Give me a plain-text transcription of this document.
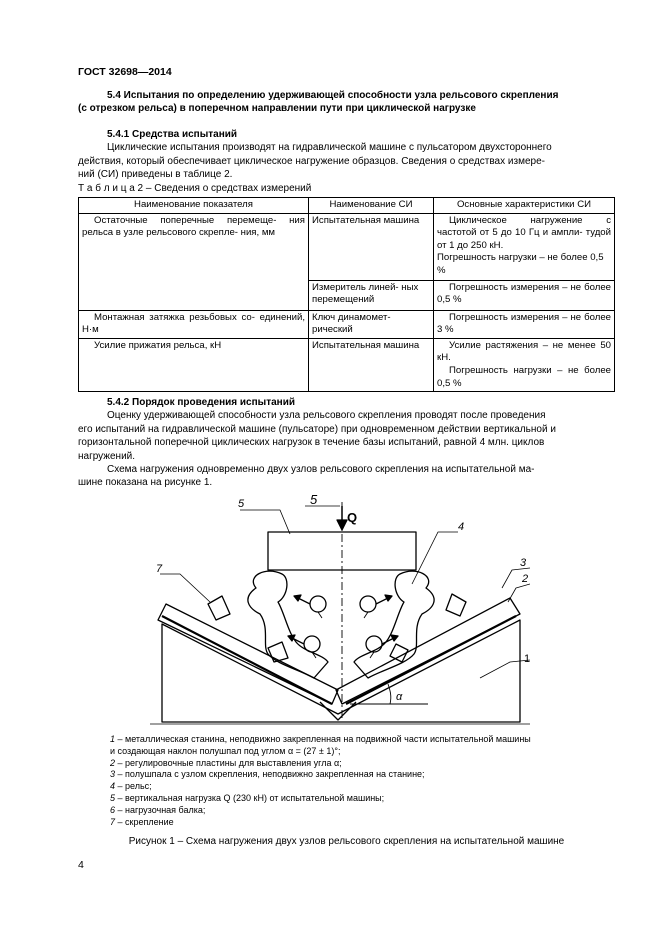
ГОСТ 32698—2014
5.4 Испытания по определению удерживающей способности узла рельсового скрепления
(с отрезком рельса) в поперечном направлении пути при циклической нагрузке
5.4.1 Средства испытаний
Циклические испытания производят на гидравлической машине с пульсатором двухстороннего
действия, который обеспечивает циклическое нагружение образцов. Сведения о средствах измере-
ний (СИ) приведены в таблице 2.
Т а б л и ц а 2 – Сведения о средствах измерений
Наименование показателя	Наименование СИ	Основные характеристики СИ
Остаточные поперечные перемеще- ния рельса в узле рельсового скрепле- ния, мм	Испытательная машина	Циклическое нагружение с частотой от 5 до 10 Гц и ампли- тудой от 1 до 250 кН.
Погрешность нагрузки – не более 0,5 %

	Измеритель линей- ных перемещений	Погрешность измерения – не более 0,5 %
Монтажная затяжка резьбовых со- единений, Н·м	Ключ динамомет- рический	Погрешность измерения – не более 3 %
Усилие прижатия рельса, кН	Испытательная машина	Усилие растяжения – не менее 50 кН.
Погрешность нагрузки – не более 0,5 %
5.4.2 Порядок проведения испытаний
Оценку удерживающей способности узла рельсового скрепления проводят после проведения
его испытаний на гидравлической машине (пульсаторе) при одновременном действии вертикальной и
горизонтальной поперечной циклических нагрузок в течение базы испытаний, равной 4 млн. циклов
нагружений.
Схема нагружения одновременно двух узлов рельсового скрепления на испытательной ма-
шине показана на рисунке 1.
5	5
Q
4
7	3
2
1
α
1 – металлическая станина, неподвижно закрепленная на подвижной части испытательной машины
и создающая наклон полушпал под углом α = (27 ± 1)°;
2 – регулировочные пластины для выставления угла α;
3 – полушпала с узлом скрепления, неподвижно закрепленная на станине;
4 – рельс;
5 – вертикальная нагрузка Q (230 кН) от испытательной машины;
6 – нагрузочная балка;
7 – скрепление
Рисунок 1 – Схема нагружения двух узлов рельсового скрепления на испытательной машине
4
